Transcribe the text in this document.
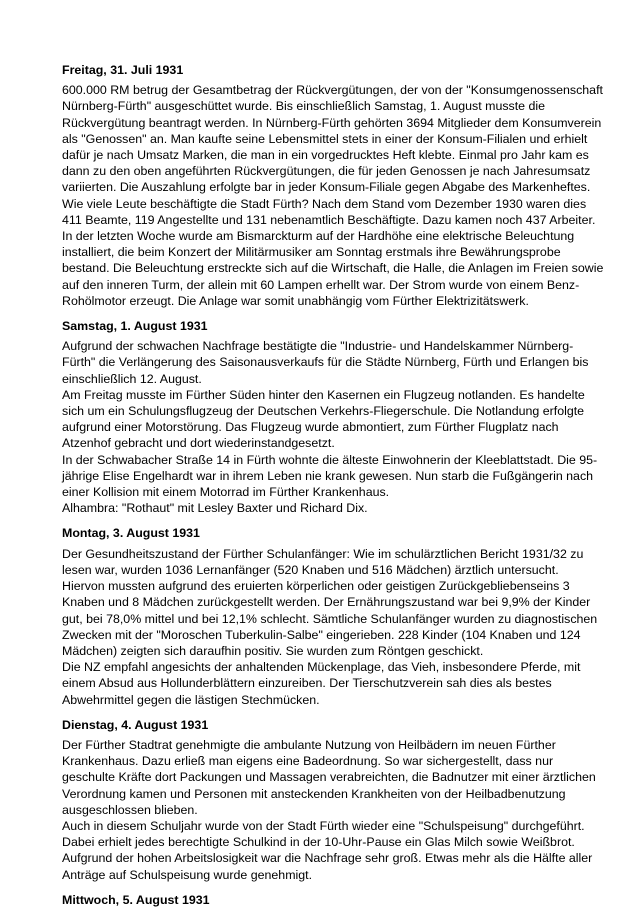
Freitag, 31. Juli 1931
600.000 RM betrug der Gesamtbetrag der Rückvergütungen, der von der "Konsumgenossenschaft
Nürnberg-Fürth" ausgeschüttet wurde. Bis einschließlich Samstag, 1. August musste die
Rückvergütung beantragt werden. In Nürnberg-Fürth gehörten 3694 Mitglieder dem Konsumverein
als "Genossen" an. Man kaufte seine Lebensmittel stets in einer der Konsum-Filialen und erhielt
dafür je nach Umsatz Marken, die man in ein vorgedrucktes Heft klebte. Einmal pro Jahr kam es
dann zu den oben angeführten Rückvergütungen, die für jeden Genossen je nach Jahresumsatz
variierten. Die Auszahlung erfolgte bar in jeder Konsum-Filiale gegen Abgabe des Markenheftes.
Wie viele Leute beschäftigte die Stadt Fürth? Nach dem Stand vom Dezember 1930 waren dies
411 Beamte, 119 Angestellte und 131 nebenamtlich Beschäftigte. Dazu kamen noch 437 Arbeiter.
In der letzten Woche wurde am Bismarckturm auf der Hardhöhe eine elektrische Beleuchtung
installiert, die beim Konzert der Militärmusiker am Sonntag erstmals ihre Bewährungsprobe
bestand. Die Beleuchtung erstreckte sich auf die Wirtschaft, die Halle, die Anlagen im Freien sowie
auf den inneren Turm, der allein mit 60 Lampen erhellt war. Der Strom wurde von einem Benz-
Rohölmotor erzeugt. Die Anlage war somit unabhängig vom Fürther Elektrizitätswerk.
Samstag, 1. August 1931
Aufgrund der schwachen Nachfrage bestätigte die "Industrie- und Handelskammer Nürnberg-
Fürth" die Verlängerung des Saisonausverkaufs für die Städte Nürnberg, Fürth und Erlangen bis
einschließlich 12. August.
Am Freitag musste im Fürther Süden hinter den Kasernen ein Flugzeug notlanden. Es handelte
sich um ein Schulungsflugzeug der Deutschen Verkehrs-Fliegerschule. Die Notlandung erfolgte
aufgrund einer Motorstörung. Das Flugzeug wurde abmontiert, zum Fürther Flugplatz nach
Atzenhof gebracht und dort wiederinstandgesetzt.
In der Schwabacher Straße 14 in Fürth wohnte die älteste Einwohnerin der Kleeblattstadt. Die 95-
jährige Elise Engelhardt war in ihrem Leben nie krank gewesen. Nun starb die Fußgängerin nach
einer Kollision mit einem Motorrad im Fürther Krankenhaus.
Alhambra: "Rothaut" mit Lesley Baxter und Richard Dix.
Montag, 3. August 1931
Der Gesundheitszustand der Fürther Schulanfänger: Wie im schulärztlichen Bericht 1931/32 zu
lesen war, wurden 1036 Lernanfänger (520 Knaben und 516 Mädchen) ärztlich untersucht.
Hiervon mussten aufgrund des eruierten körperlichen oder geistigen Zurückgebliebenseins 3
Knaben und 8 Mädchen zurückgestellt werden. Der Ernährungszustand war bei 9,9% der Kinder
gut, bei 78,0% mittel und bei 12,1% schlecht. Sämtliche Schulanfänger wurden zu diagnostischen
Zwecken mit der "Moroschen Tuberkulin-Salbe" eingerieben. 228 Kinder (104 Knaben und 124
Mädchen) zeigten sich daraufhin positiv. Sie wurden zum Röntgen geschickt.
Die NZ empfahl angesichts der anhaltenden Mückenplage, das Vieh, insbesondere Pferde, mit
einem Absud aus Hollunderblättern einzureiben. Der Tierschutzverein sah dies als bestes
Abwehrmittel gegen die lästigen Stechmücken.
Dienstag, 4. August 1931
Der Fürther Stadtrat genehmigte die ambulante Nutzung von Heilbädern im neuen Fürther
Krankenhaus. Dazu erließ man eigens eine Badeordnung. So war sichergestellt, dass nur
geschulte Kräfte dort Packungen und Massagen verabreichten, die Badnutzer mit einer ärztlichen
Verordnung kamen und Personen mit ansteckenden Krankheiten von der Heilbadbenutzung
ausgeschlossen blieben.
Auch in diesem Schuljahr wurde von der Stadt Fürth wieder eine "Schulspeisung" durchgeführt.
Dabei erhielt jedes berechtigte Schulkind in der 10-Uhr-Pause ein Glas Milch sowie Weißbrot.
Aufgrund der hohen Arbeitslosigkeit war die Nachfrage sehr groß. Etwas mehr als die Hälfte aller
Anträge auf Schulspeisung wurde genehmigt.
Mittwoch, 5. August 1931
